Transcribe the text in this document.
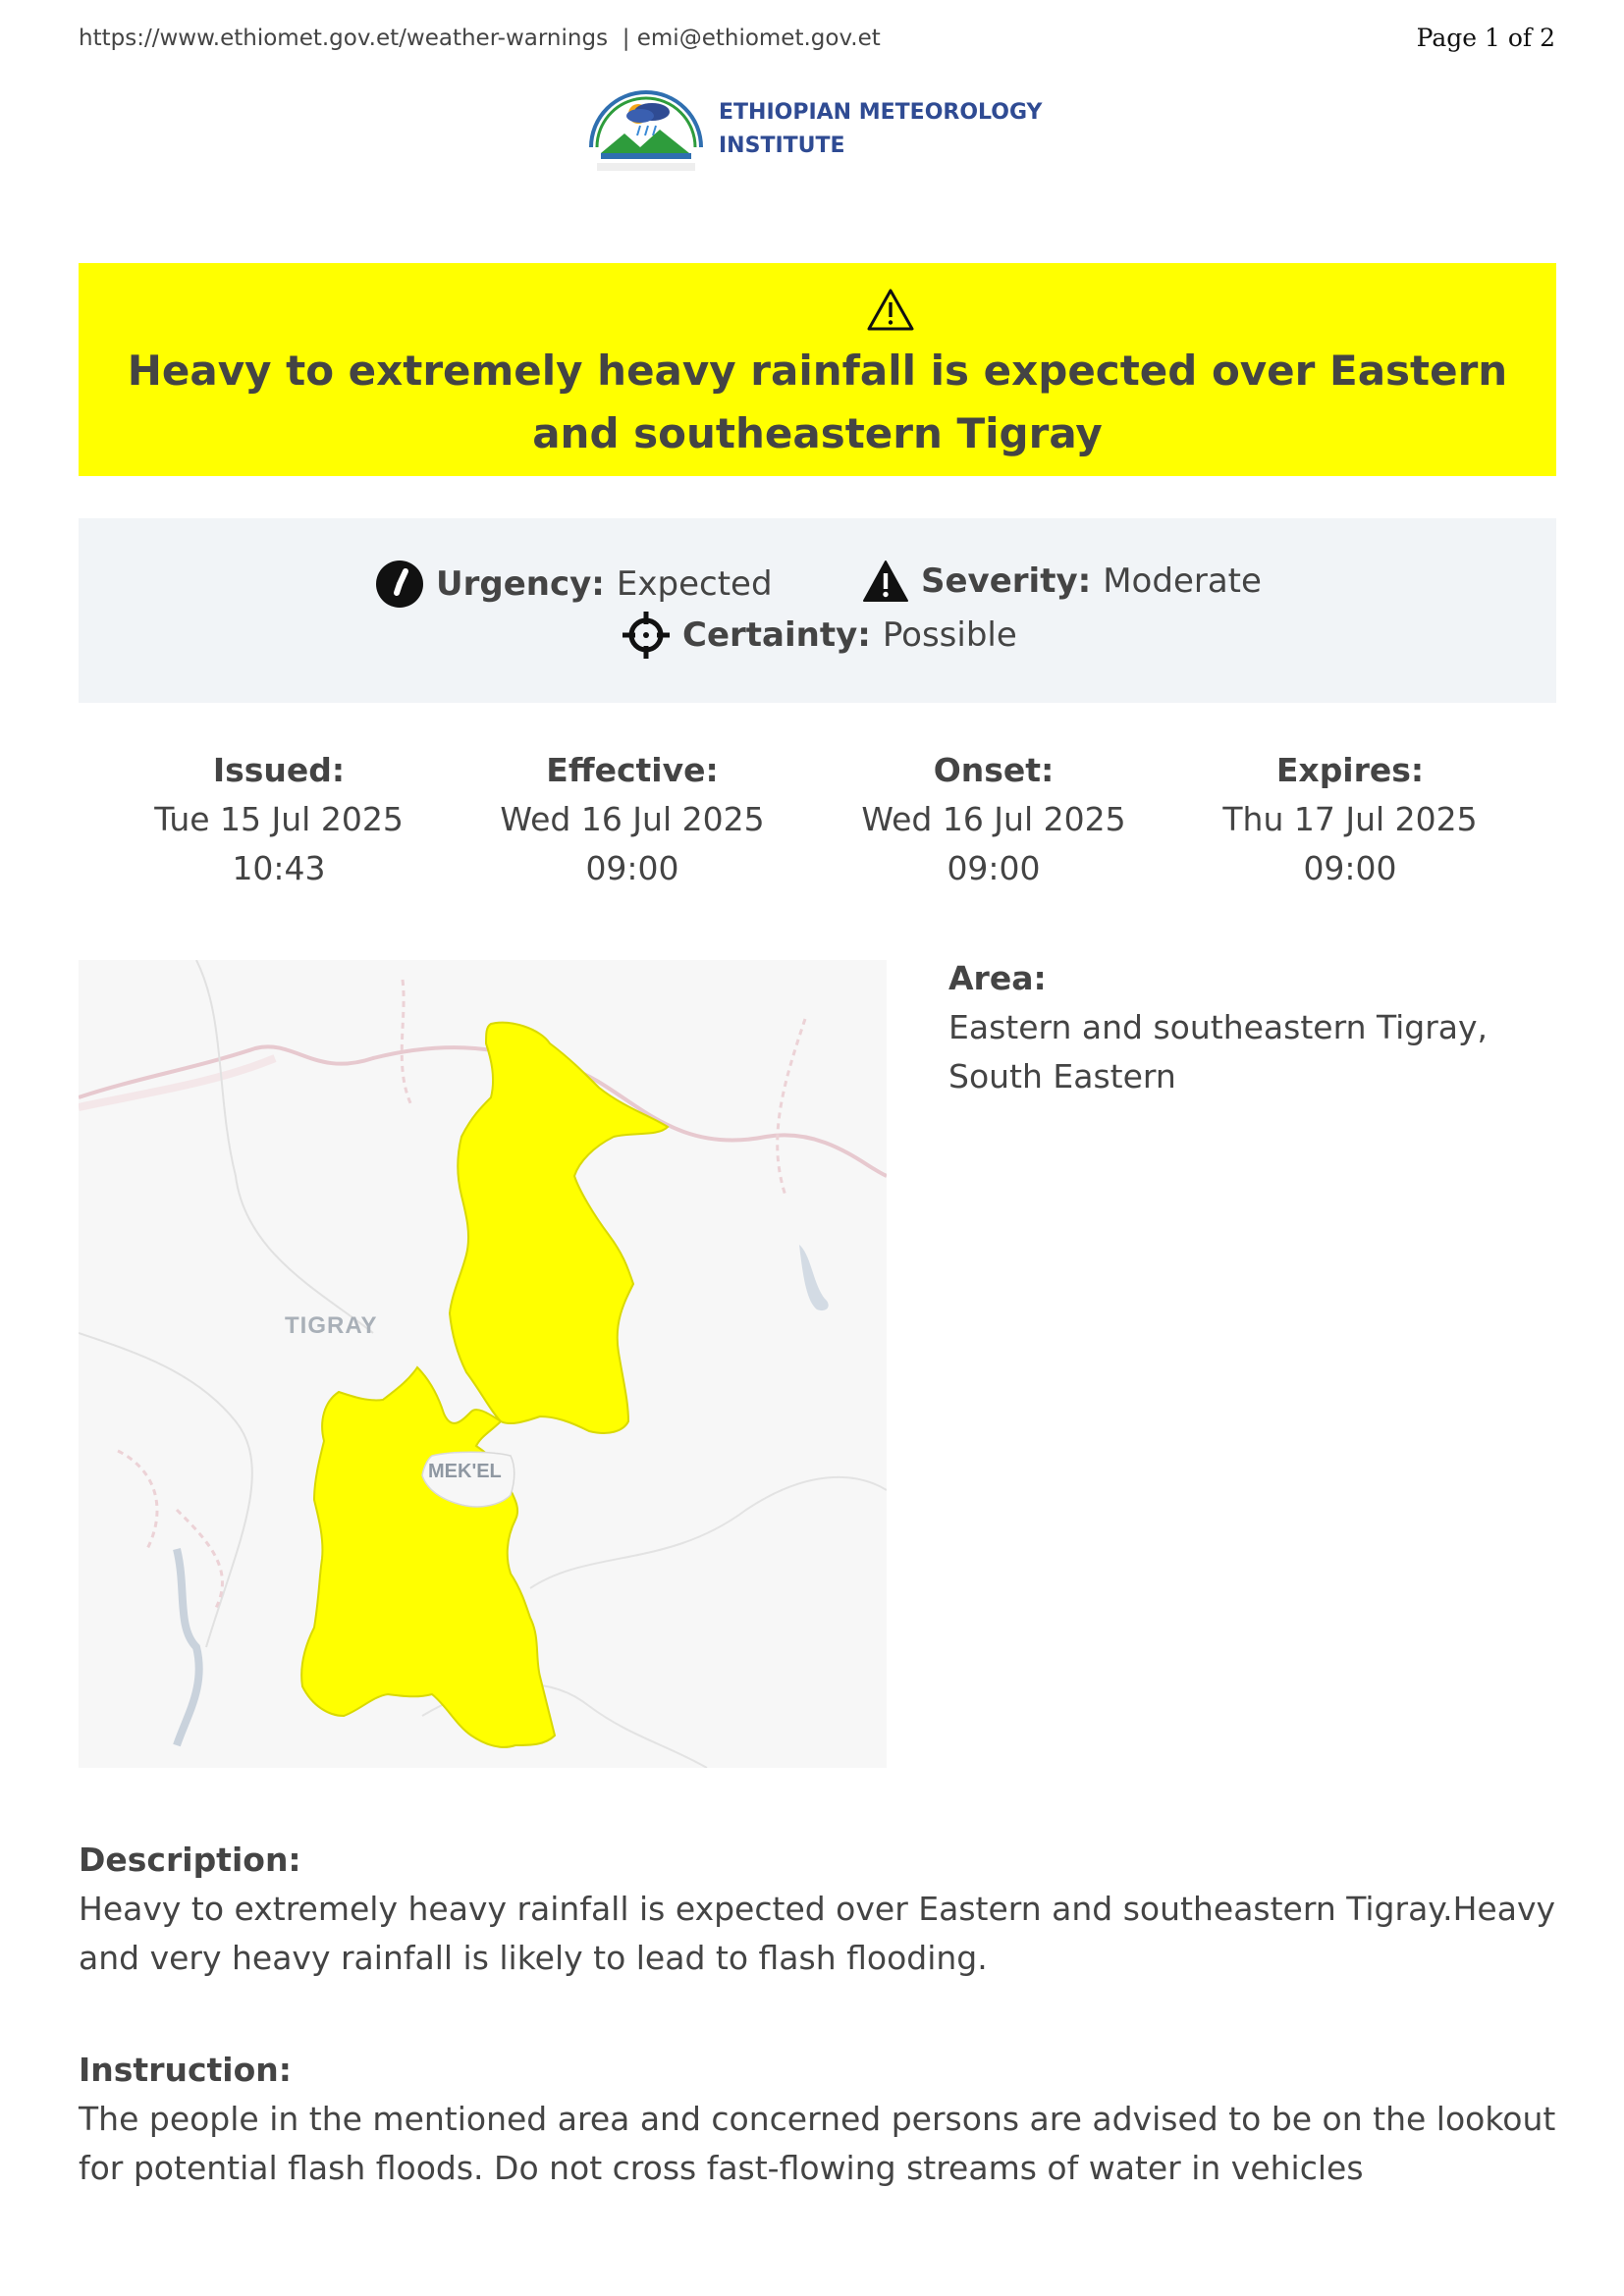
https://www.ethiomet.gov.et/weather-warnings | emi@ethiomet.gov.et	Page 1 of 2
ETHIOPIAN METEOROLOGY
INSTITUTE
Heavy to extremely heavy rainfall is expected over Eastern and southeastern Tigray
Urgency: Expected	Severity: Moderate
Certainty: Possible
Issued:
Tue 15 Jul 2025
10:43
Effective:
Wed 16 Jul 2025
09:00
Onset:
Wed 16 Jul 2025
09:00
Expires:
Thu 17 Jul 2025
09:00
TIGRAY
MEK'EL
Area:
Eastern and southeastern Tigray, South Eastern
Description:
Heavy to extremely heavy rainfall is expected over Eastern and southeastern Tigray.Heavy and very heavy rainfall is likely to lead to flash flooding.
Instruction:
The people in the mentioned area and concerned persons are advised to be on the lookout for potential flash floods. Do not cross fast-flowing streams of water in vehicles
